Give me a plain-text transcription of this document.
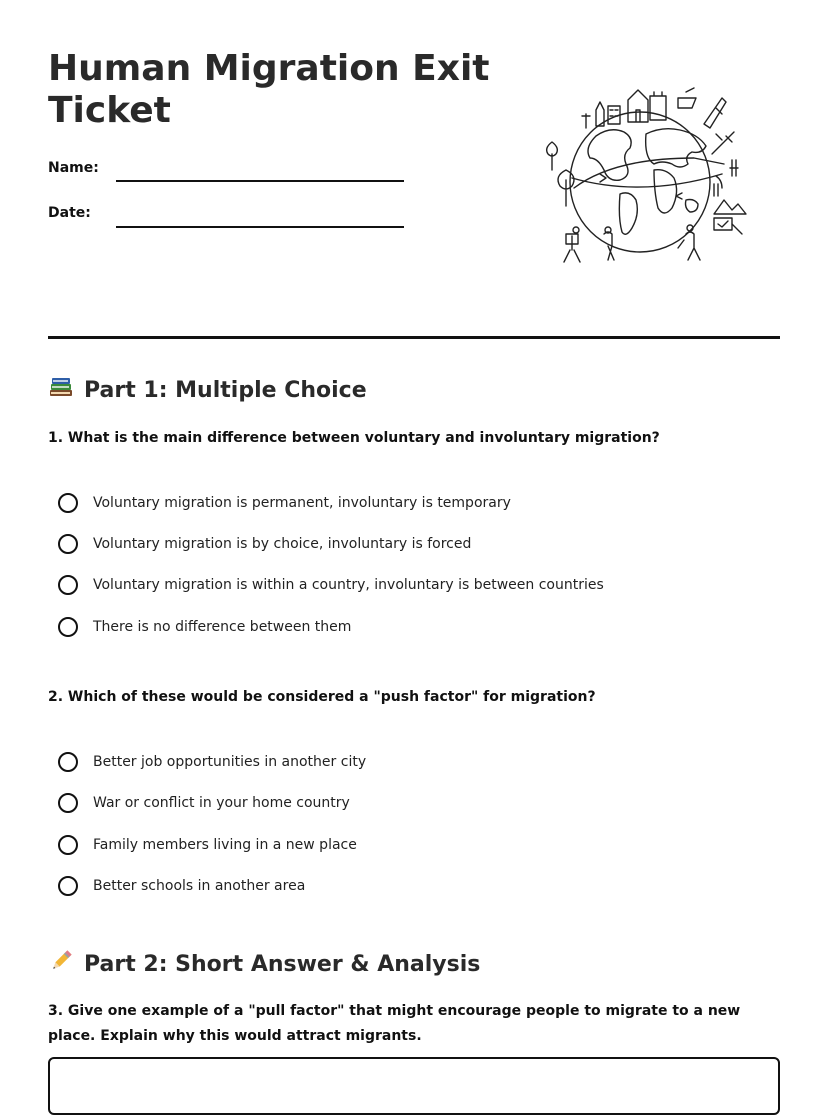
Human Migration Exit Ticket
Name:
Date:
Part 1: Multiple Choice
1. What is the main difference between voluntary and involuntary migration?
Voluntary migration is permanent, involuntary is temporary
Voluntary migration is by choice, involuntary is forced
Voluntary migration is within a country, involuntary is between countries
There is no difference between them
2. Which of these would be considered a "push factor" for migration?
Better job opportunities in another city
War or conflict in your home country
Family members living in a new place
Better schools in another area
Part 2: Short Answer & Analysis
3. Give one example of a "pull factor" that might encourage people to migrate to a new place. Explain why this would attract migrants.
